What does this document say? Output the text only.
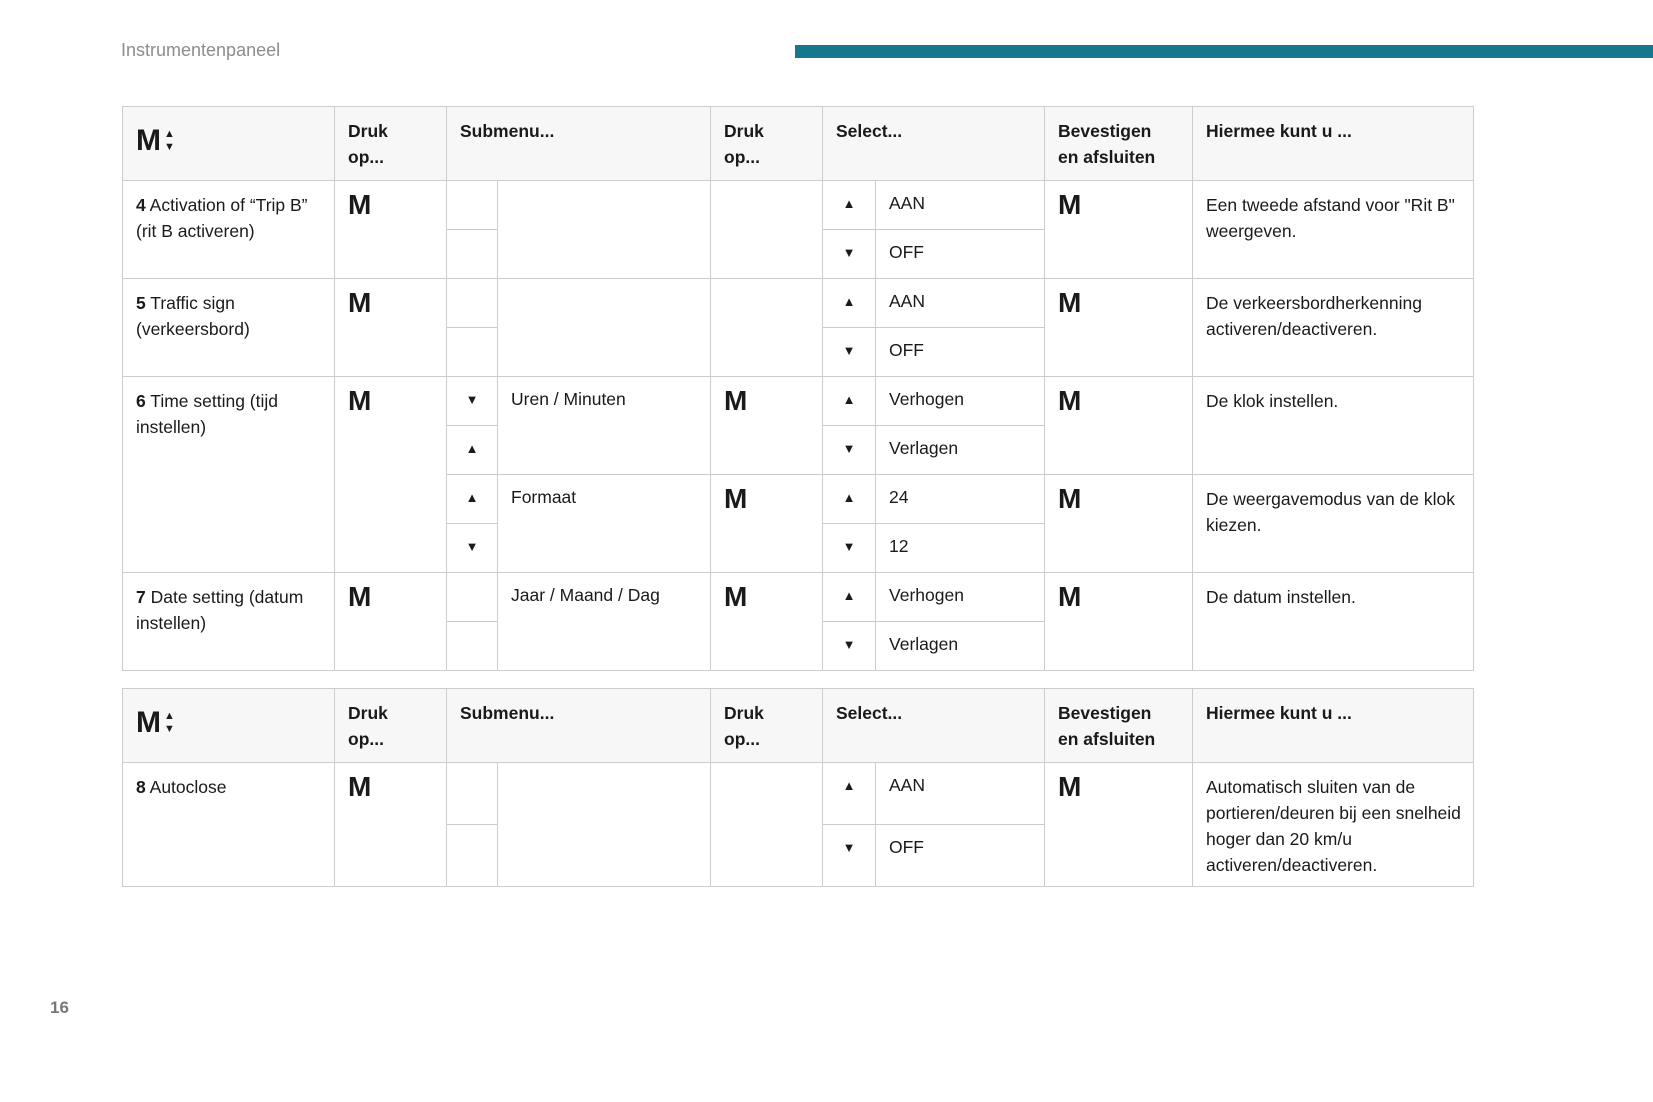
Instrumentenpaneel
M ▲
▼	Druk op...	Submenu...		Druk op...	Select...		Bevestigen en afsluiten	Hiermee kunt u ...
4 Activation of “Trip B” (rit B activeren)	M				▲	AAN	M	Een tweede afstand voor "Rit B" weergeven.
					▼	OFF		
5 Traffic sign (verkeersbord)	M				▲	AAN	M	De verkeersbordherkenning activeren/deactiveren.
					▼	OFF		
6 Time setting (tijd instellen)	M	▼	Uren / Minuten	M	▲	Verhogen	M	De klok instellen.
		▲			▼	Verlagen		
		▲	Formaat	M	▲	24	M	De weergavemodus van de klok kiezen.
		▼			▼	12		
7 Date setting (datum instellen)	M		Jaar / Maand / Dag	M	▲	Verhogen	M	De datum instellen.
					▼	Verlagen		
M ▲
▼	Druk op...	Submenu...		Druk op...	Select...		Bevestigen en afsluiten	Hiermee kunt u ...
8 Autoclose	M				▲	AAN	M	Automatisch sluiten van de portieren/deuren bij een snelheid hoger dan 20 km/u activeren/deactiveren.
					▼	OFF		
16
